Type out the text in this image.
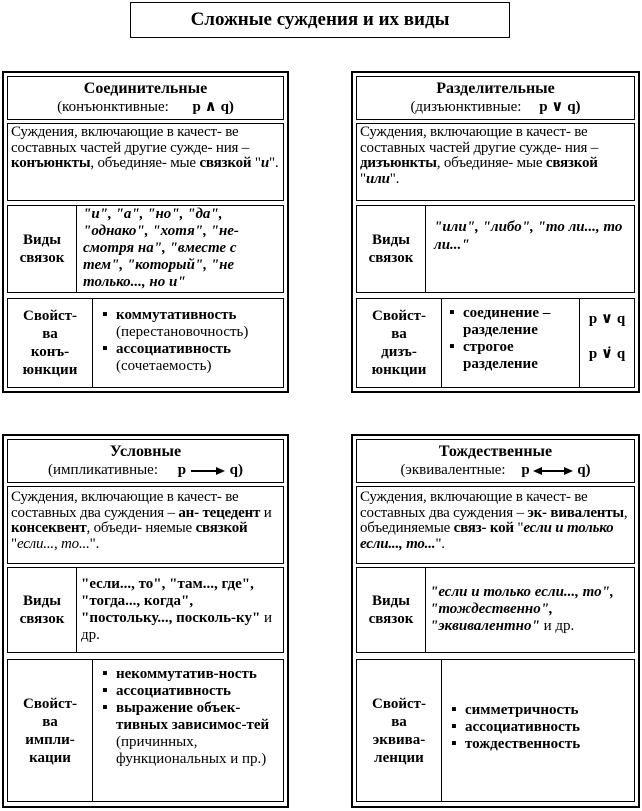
Сложные суждения и их виды
Соединительные
(конъюнктивные: p ∧ q)
Суждения, включающие в качест- ве составных частей другие сужде- ния – конъюнкты, объединяе- мые связкой "и".
Виды
связок
"и", "а", "но", "да", "однако", "хотя", "не-смотря на", "вместе с тем", "который", "не только..., но и"
Свойст-
ва
конъ-
юнкции
▪ коммутативность
(перестановочность)
▪ ассоциативность
(сочетаемость)
Разделительные
(дизъюнктивные: p ∨ q)
Суждения, включающие в качест- ве составных частей другие сужде- ния – дизъюнкты, объединяе- мые связкой "или".
Виды
связок
"или", "либо", "то ли..., то ли..."
Свойст-
ва
дизъ-
юнкции
▪ соединение – разделение
▪ строгое разделение
p ∨ q
p ∨̇ q
Условные
(импликативные: p	q)
Суждения, включающие в качест- ве составных два суждения – ан- тецедент и консеквент, объеди- няемые связкой "если..., то...".
Виды
связок
"если..., то", "там..., где", "тогда..., когда", "постольку..., посколь-ку" и др.
Свойст-
ва
импли-
кации
▪ некоммутатив-ность
▪ ассоциативность
▪ выражение объек-тивных зависимос-тей (причинных, функциональных и пр.)
Тождественные
(эквивалентные: p	q)
Суждения, включающие в качест- ве составных два суждения – эк- виваленты, объединяемые связ- кой "если и только если..., то...".
Виды
связок
"если и только если..., то", "тождественно", "эквивалентно" и др.
Свойст-
ва
эквива-
ленции
▪ симметричность
▪ ассоциативность
▪ тождественность
